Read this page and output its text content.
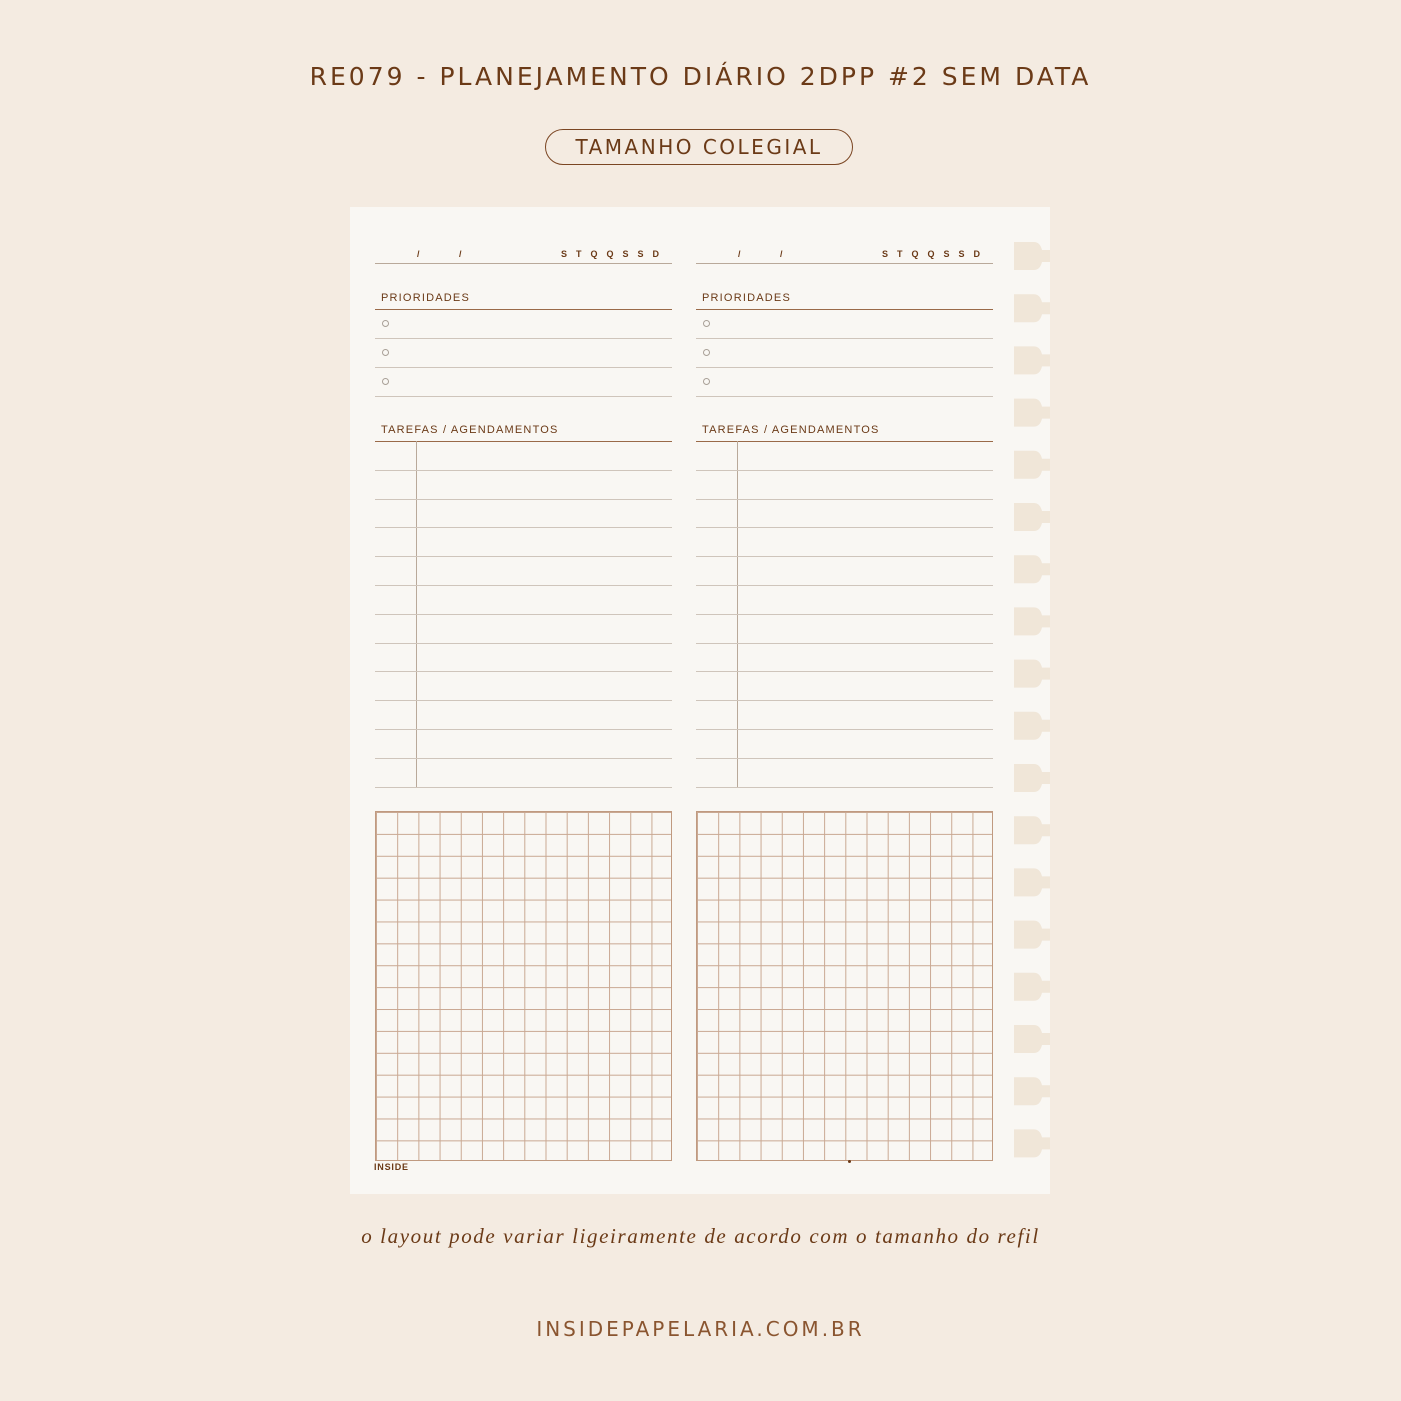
RE079 - PLANEJAMENTO DIÁRIO 2DPP #2 SEM DATA
TAMANHO COLEGIAL
/	/	STQQSSD
PRIORIDADES
TAREFAS / AGENDAMENTOS
/	/	STQQSSD
PRIORIDADES
TAREFAS / AGENDAMENTOS
INSIDE
o layout pode variar ligeiramente de acordo com o tamanho do refil
INSIDEPAPELARIA.COM.BR
